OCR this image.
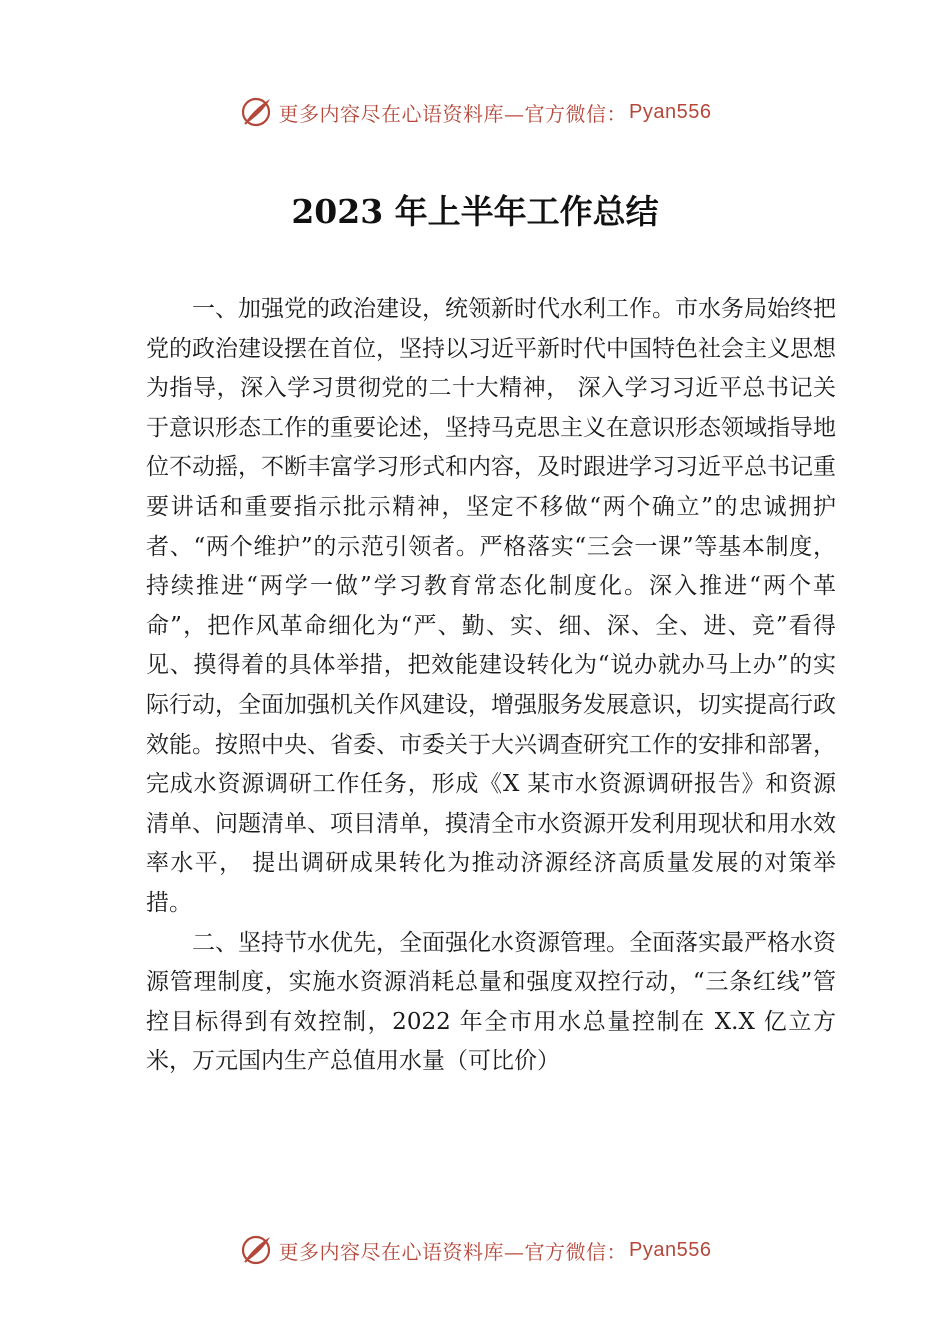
更多内容尽在心语资料库—官方微信： Pyan556
2023 年上半年工作总结

一、加强党的政治建设，统领新时代水利工作。市水务局始终把党的政治建设摆在首位，坚持以习近平新时代中国特色社会主义思想为指导，深入学习贯彻党的二十大精神， 深入学习习近平总书记关于意识形态工作的重要论述，坚持马克思主义在意识形态领域指导地位不动摇，不断丰富学习形式和内容，及时跟进学习习近平总书记重要讲话和重要指示批示精神，坚定不移做“两个确立”的忠诚拥护者、“两个维护”的示范引领者。严格落实“三会一课”等基本制度， 持续推进“两学一做”学习教育常态化制度化。深入推进“两个革命”，把作风革命细化为“严、勤、实、细、深、全、进、竞”看得见、摸得着的具体举措，把效能建设转化为“说办就办马上办”的实际行动，全面加强机关作风建设，增强服务发展意识，切实提高行政效能。按照中央、省委、市委关于大兴调查研究工作的安排和部署，完成水资源调研工作任务，形成《X 某市水资源调研报告》和资源清单、问题清单、项目清单，摸清全市水资源开发利用现状和用水效率水平， 提出调研成果转化为推动济源经济高质量发展的对策举措。

二、坚持节水优先，全面强化水资源管理。全面落实最严格水资源管理制度，实施水资源消耗总量和强度双控行动，“三条红线”管控目标得到有效控制，2022 年全市用水总量控制在 X.X 亿立方米，万元国内生产总值用水量（可比价）

更多内容尽在心语资料库—官方微信： Pyan556
